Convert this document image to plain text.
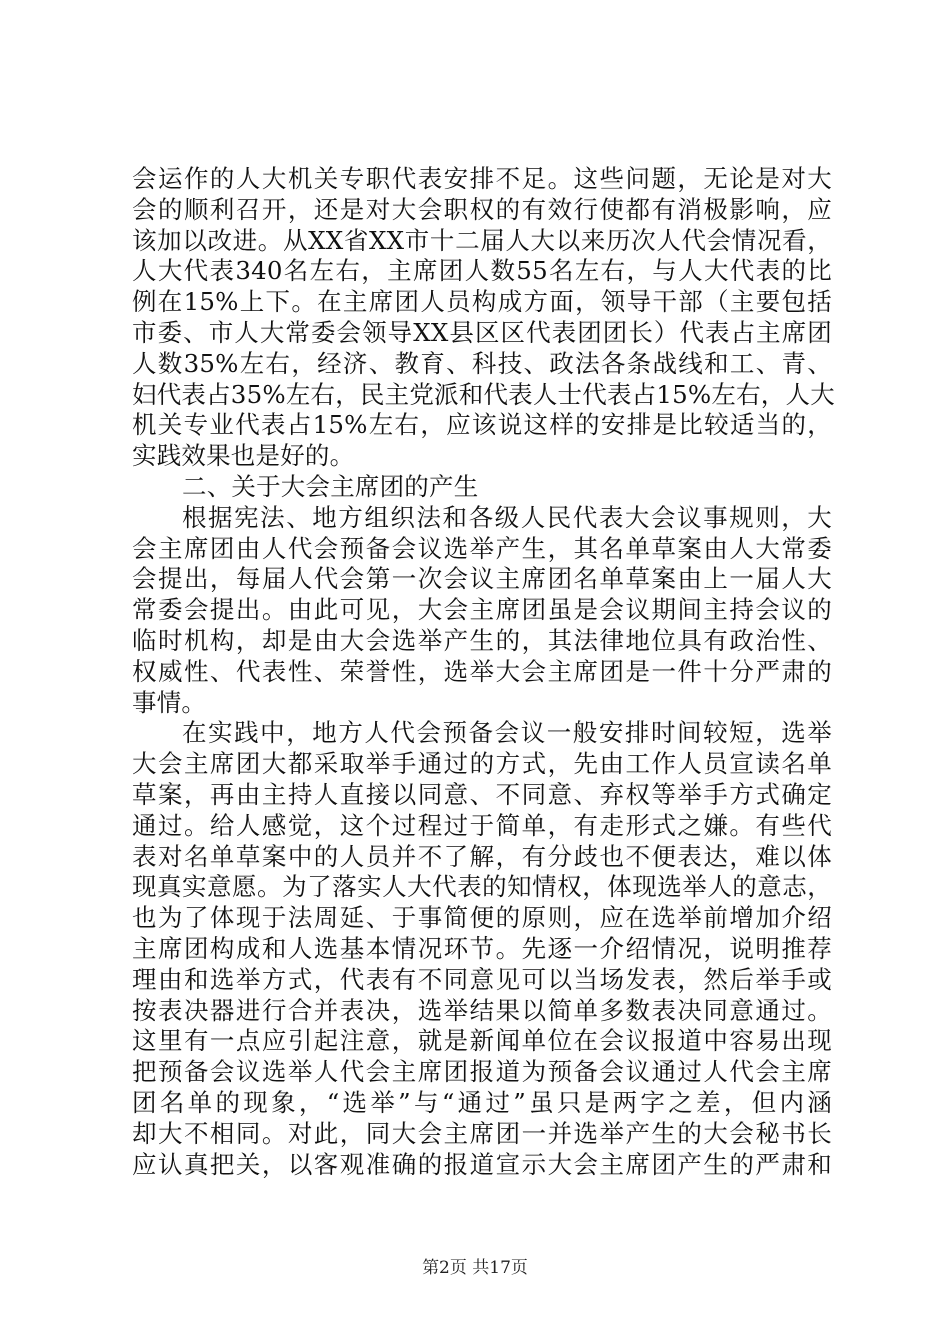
会运作的人大机关专职代表安排不足。这些问题，无论是对大
会的顺利召开，还是对大会职权的有效行使都有消极影响，应
该加以改进。从XX省XX市十二届人大以来历次人代会情况看，
人大代表340名左右，主席团人数55名左右，与人大代表的比
例在15%上下。在主席团人员构成方面，领导干部（主要包括
市委、市人大常委会领导XX县区区代表团团长）代表占主席团
人数35%左右，经济、教育、科技、政法各条战线和工、青、
妇代表占35%左右，民主党派和代表人士代表占15%左右，人大
机关专业代表占15%左右，应该说这样的安排是比较适当的，
实践效果也是好的。
二、关于大会主席团的产生
根据宪法、地方组织法和各级人民代表大会议事规则，大
会主席团由人代会预备会议选举产生，其名单草案由人大常委
会提出，每届人代会第一次会议主席团名单草案由上一届人大
常委会提出。由此可见，大会主席团虽是会议期间主持会议的
临时机构，却是由大会选举产生的，其法律地位具有政治性、
权威性、代表性、荣誉性，选举大会主席团是一件十分严肃的
事情。
在实践中，地方人代会预备会议一般安排时间较短，选举
大会主席团大都采取举手通过的方式，先由工作人员宣读名单
草案，再由主持人直接以同意、不同意、弃权等举手方式确定
通过。给人感觉，这个过程过于简单，有走形式之嫌。有些代
表对名单草案中的人员并不了解，有分歧也不便表达，难以体
现真实意愿。为了落实人大代表的知情权，体现选举人的意志，
也为了体现于法周延、于事简便的原则，应在选举前增加介绍
主席团构成和人选基本情况环节。先逐一介绍情况，说明推荐
理由和选举方式，代表有不同意见可以当场发表，然后举手或
按表决器进行合并表决，选举结果以简单多数表决同意通过。
这里有一点应引起注意，就是新闻单位在会议报道中容易出现
把预备会议选举人代会主席团报道为预备会议通过人代会主席
团名单的现象，“选举”与“通过”虽只是两字之差，但内涵
却大不相同。对此，同大会主席团一并选举产生的大会秘书长
应认真把关，以客观准确的报道宣示大会主席团产生的严肃和
第2页 共17页
